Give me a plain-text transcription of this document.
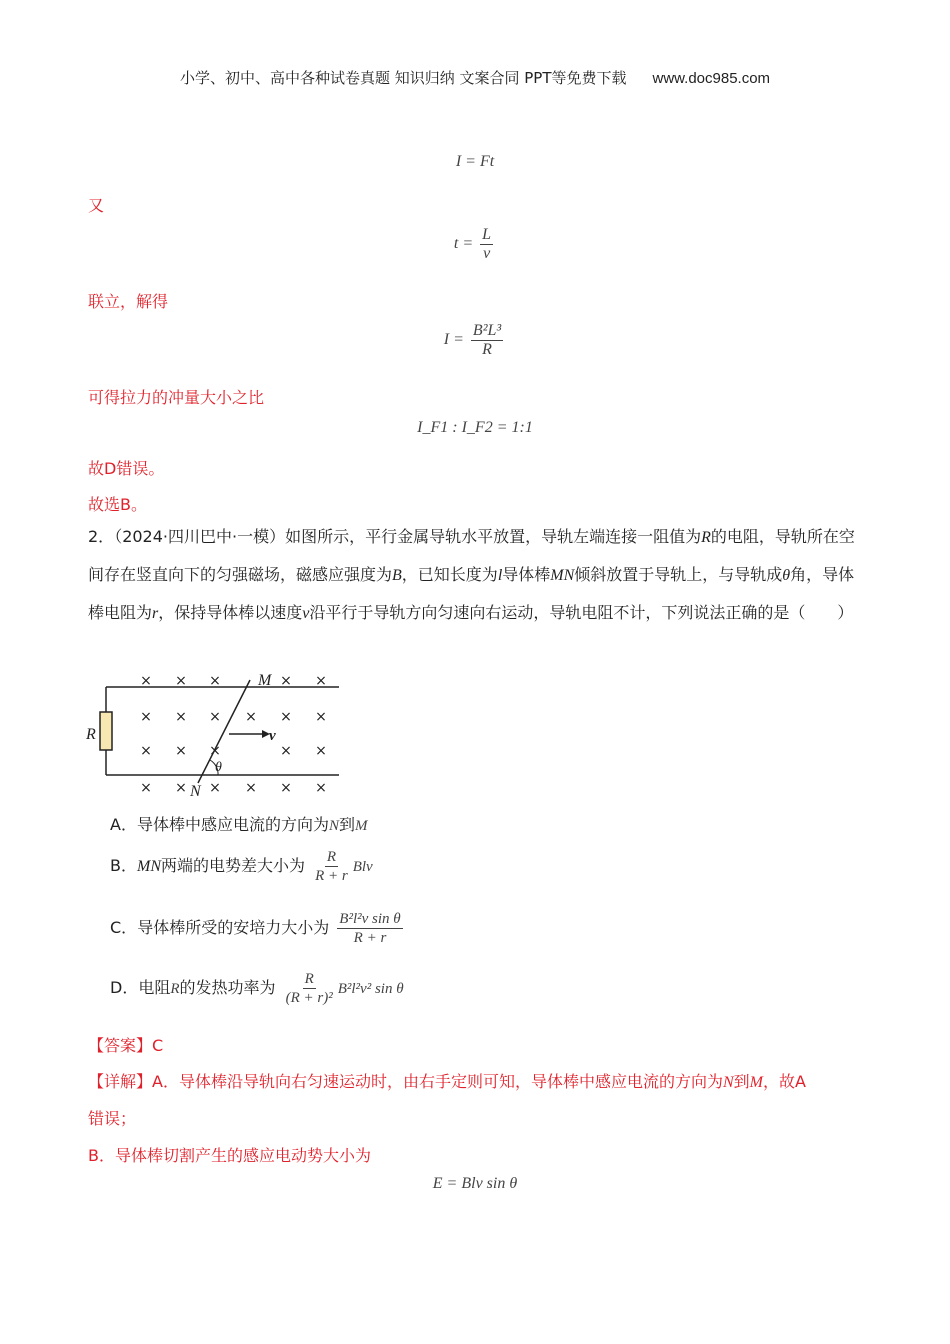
小学、初中、高中各种试卷真题 知识归纳 文案合同 PPT等免费下载 www.doc985.com
I = Ft
又
$t = \frac{L}{v}$
联立，解得
$I = \frac{\text{B²L³}}{R}$
可得拉力的冲量大小之比
I_F1 : I_F2 = 1:1
故D错误。
故选B。
2．（2024·四川巴中·一模）如图所示，平行金属导轨水平放置，导轨左端连接一阻值为R的电阻，导轨所在空间存在竖直向下的匀强磁场，磁感应强度为B，已知长度为l导体棒MN倾斜放置于导轨上，与导轨成θ角，导体棒电阻为r，保持导体棒以速度v沿平行于导轨方向匀速向右运动，导轨电阻不计，下列说法正确的是（　　）
R
× × ×	× ×
× × × × × ×
× × ×	× ×
× × × × × ×
M
N
θ
v
A．导体棒中感应电流的方向为N到M
B．MN两端的电势差大小为 $\frac{R}{R + r}$ Blv
C．导体棒所受的安培力大小为 $\frac{\text{B²l²v sin θ}}{R + r}$
D．电阻R的发热功率为 $\frac{R}{\text{(R + r)²}} B^2l^2v^2$ sin θ
【答案】C
【详解】A．导体棒沿导轨向右匀速运动时，由右手定则可知，导体棒中感应电流的方向为N到M，故A
错误；
B．导体棒切割产生的感应电动势大小为
E = Blv sin θ
